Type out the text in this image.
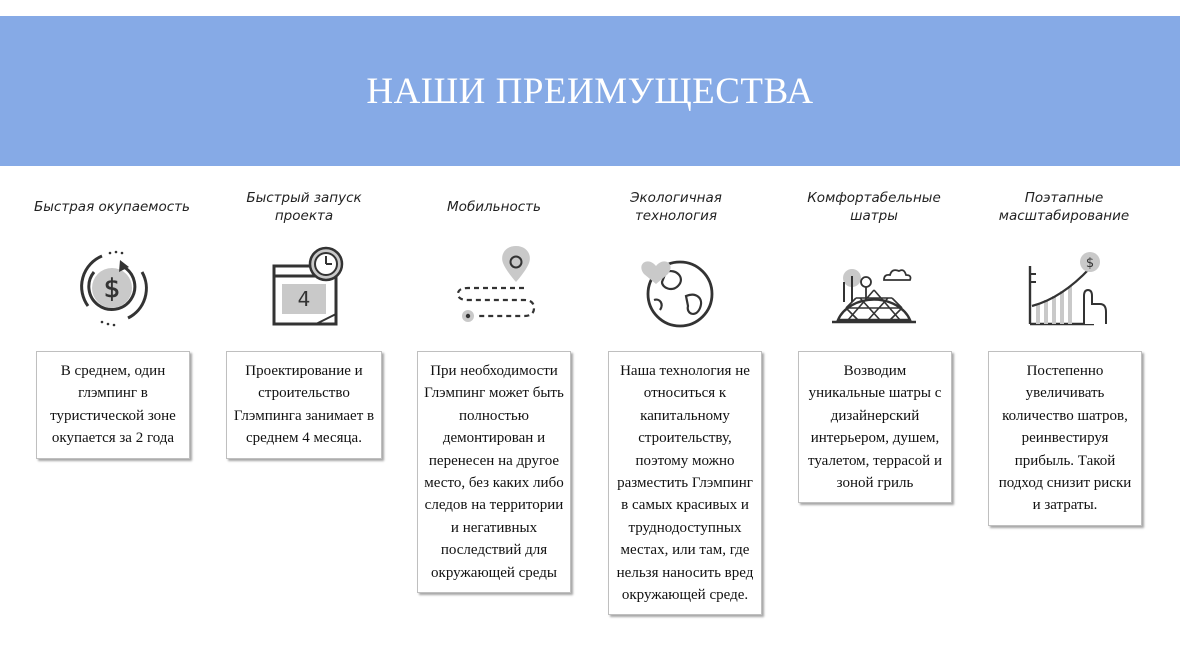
НАШИ ПРЕИМУЩЕСТВА
Быстрая окупаемость
$
В среднем, один глэмпинг в туристической зоне окупается за 2 года
Быстрый запуск проекта
4
Проектирование и строительство Глэмпинга занимает в среднем 4 месяца.
Мобильность
При необходимости Глэмпинг может быть полностью демонтирован и перенесен на другое место, без каких либо следов на территории и негативных последствий для окружающей среды
Экологичная технология
Наша технология не относиться к капитальному строительству, поэтому можно разместить Глэмпинг в самых красивых и труднодоступных местах, или там, где нельзя наносить вред окружающей среде.
Комфортабельные шатры
Возводим уникальные шатры с дизайнерский интерьером, душем, туалетом, террасой и зоной гриль
Поэтапные масштабирование
$
Постепенно увеличивать количество шатров, реинвестируя прибыль. Такой подход снизит риски и затраты.
